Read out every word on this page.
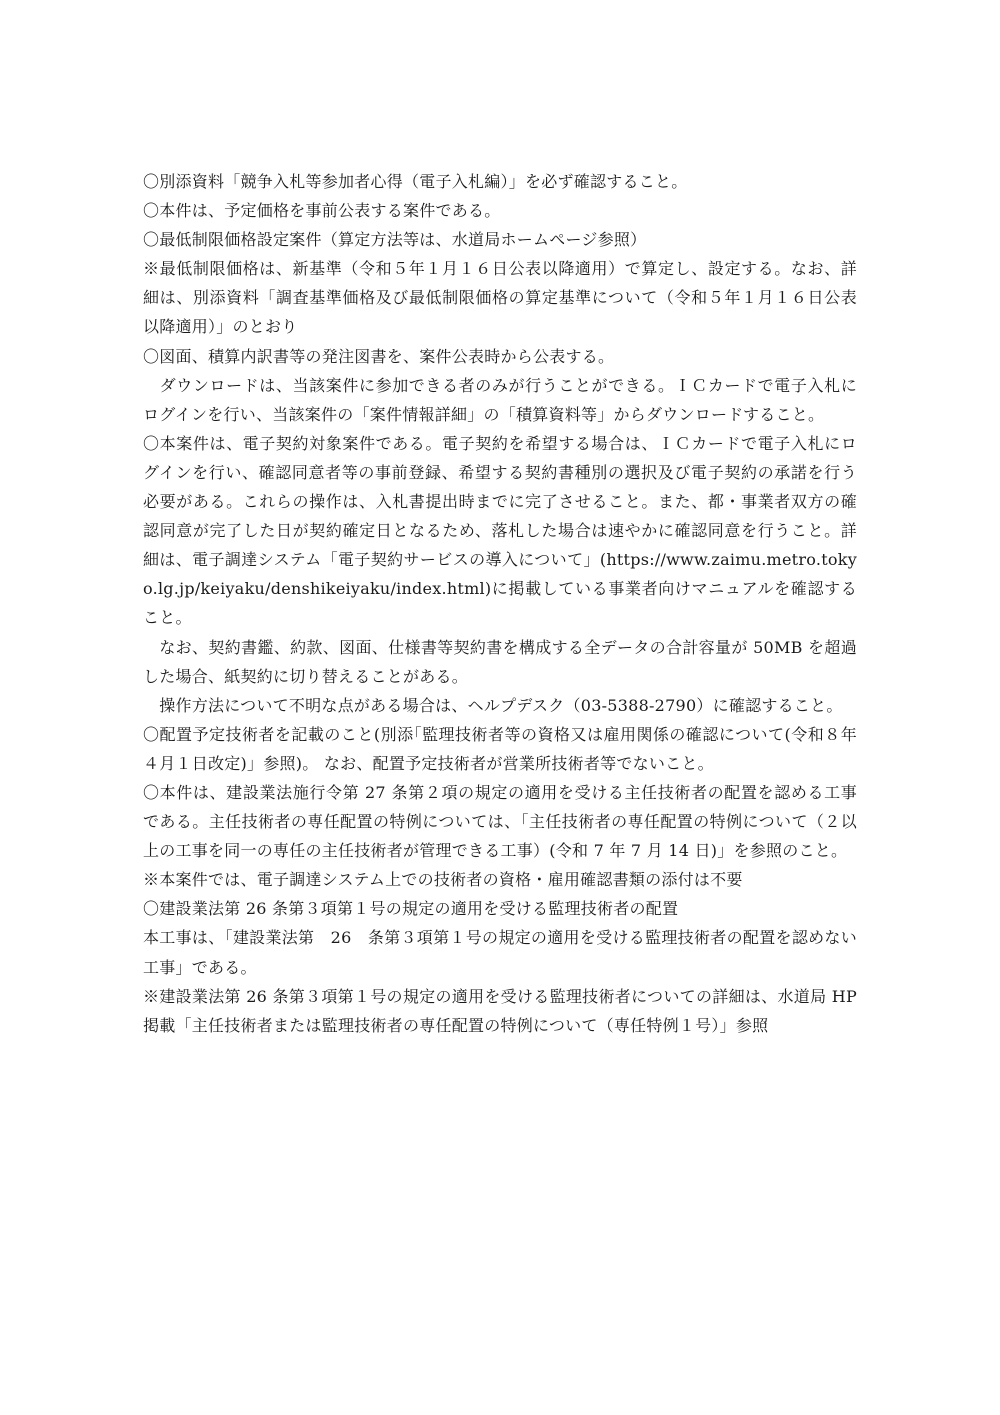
〇別添資料「競争入札等参加者心得（電子入札編）」を必ず確認すること。

〇本件は、予定価格を事前公表する案件である。

〇最低制限価格設定案件（算定方法等は、水道局ホームページ参照）

※最低制限価格は、新基準（令和５年１月１６日公表以降適用）で算定し、設定する。なお、詳細は、別添資料「調査基準価格及び最低制限価格の算定基準について（令和５年１月１６日公表以降適用）」のとおり

〇図面、積算内訳書等の発注図書を、案件公表時から公表する。

　ダウンロードは、当該案件に参加できる者のみが行うことができる。ＩＣカードで電子入札にログインを行い、当該案件の「案件情報詳細」の「積算資料等」からダウンロードすること。

〇本案件は、電子契約対象案件である。電子契約を希望する場合は、ＩＣカードで電子入札にログインを行い、確認同意者等の事前登録、希望する契約書種別の選択及び電子契約の承諾を行う必要がある。これらの操作は、入札書提出時までに完了させること。また、都・事業者双方の確認同意が完了した日が契約確定日となるため、落札した場合は速やかに確認同意を行うこと。詳細は、電子調達システム「電子契約サービスの導入について」(https://www.zaimu.metro.tokyo.lg.jp/keiyaku/denshikeiyaku/index.html)に掲載している事業者向けマニュアルを確認すること。

　なお、契約書鑑、約款、図面、仕様書等契約書を構成する全データの合計容量が 50MB を超過した場合、紙契約に切り替えることがある。

　操作方法について不明な点がある場合は、ヘルプデスク（03-5388-2790）に確認すること。

〇配置予定技術者を記載のこと(別添｢監理技術者等の資格又は雇用関係の確認について(令和８年４月１日改定)」参照)。 なお、配置予定技術者が営業所技術者等でないこと。

〇本件は、建設業法施行令第 27 条第２項の規定の適用を受ける主任技術者の配置を認める工事である。主任技術者の専任配置の特例については、「主任技術者の専任配置の特例について（２以上の工事を同一の専任の主任技術者が管理できる工事）(令和 7 年 7 月 14 日)」を参照のこと。

※本案件では、電子調達システム上での技術者の資格・雇用確認書類の添付は不要

〇建設業法第 26 条第３項第１号の規定の適用を受ける監理技術者の配置

本工事は、「建設業法第　26　条第３項第１号の規定の適用を受ける監理技術者の配置を認めない工事」である。

※建設業法第 26 条第３項第１号の規定の適用を受ける監理技術者についての詳細は、水道局 HP 掲載「主任技術者または監理技術者の専任配置の特例について（専任特例１号）」参照
